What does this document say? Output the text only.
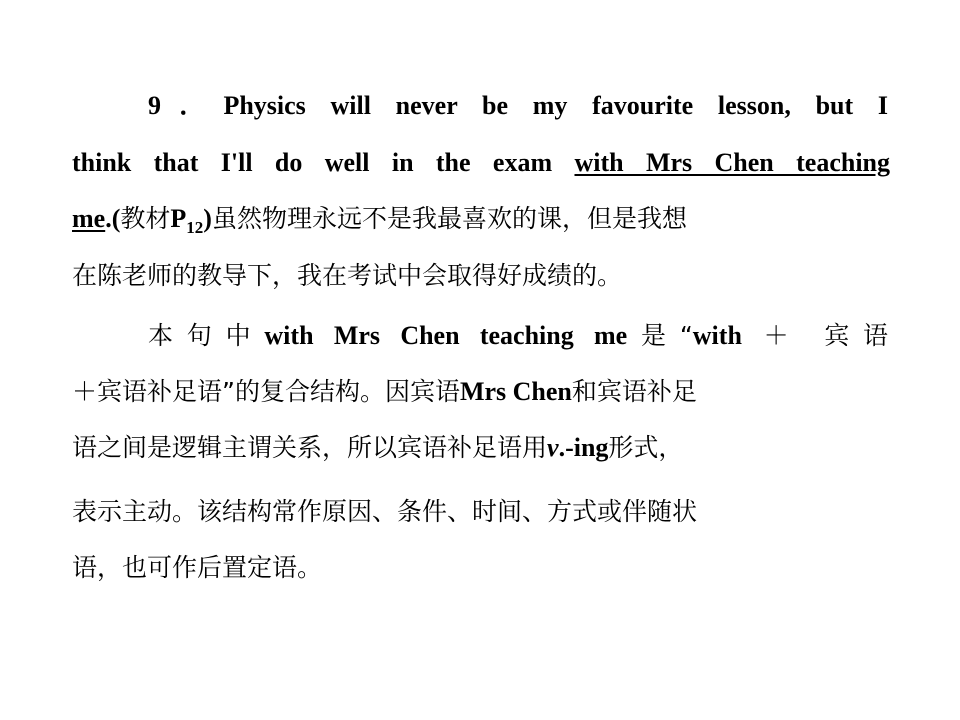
9．Physics will never be my favourite lesson, but I
think that I'll do well in the exam with Mrs Chen teaching
me.(教材$P_{12}$)虽然物理永远不是我最喜欢的课，但是我想
在陈老师的教导下，我在考试中会取得好成绩的。
本句中with Mrs Chen teaching me是“with ＋ 宾语
＋宾语补足语”的复合结构。因宾语Mrs Chen和宾语补足
语之间是逻辑主谓关系，所以宾语补足语用v.-ing形式，
表示主动。该结构常作原因、条件、时间、方式或伴随状
语，也可作后置定语。
